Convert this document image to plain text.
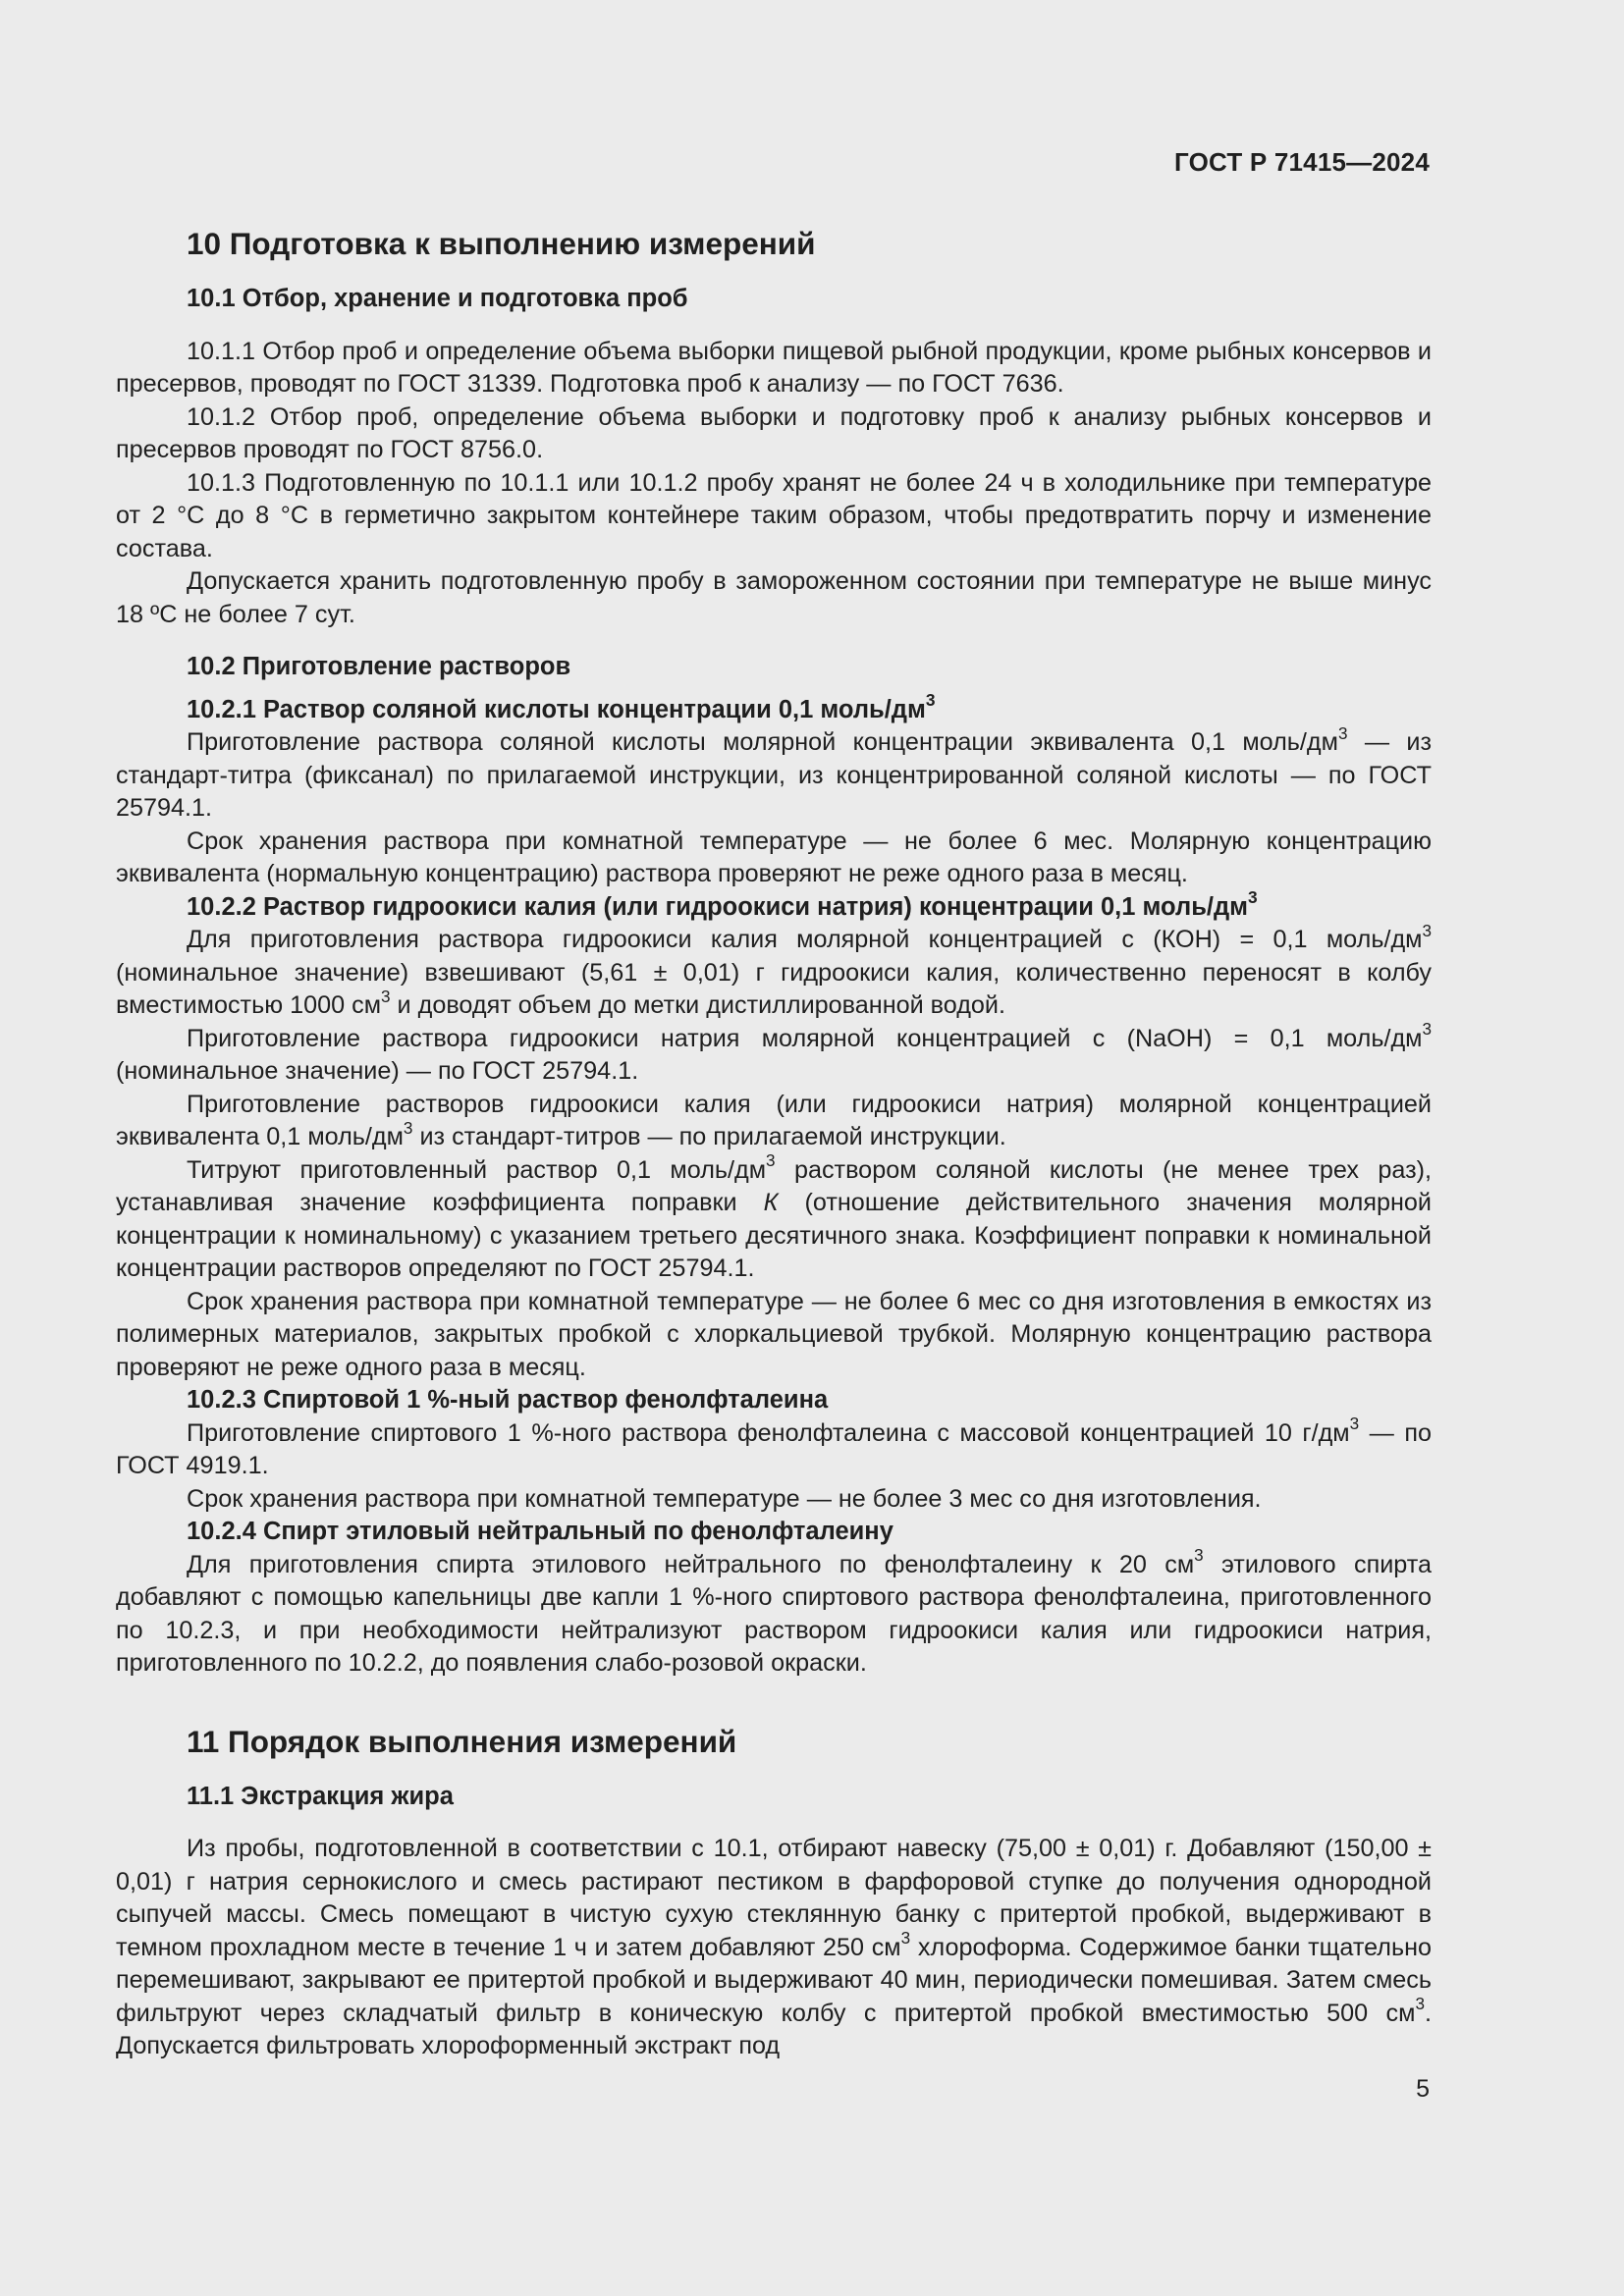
ГОСТ Р 71415—2024
10 Подготовка к выполнению измерений
10.1 Отбор, хранение и подготовка проб

10.1.1 Отбор проб и определение объема выборки пищевой рыбной продукции, кроме рыбных консервов и пресервов, проводят по ГОСТ 31339. Подготовка проб к анализу — по ГОСТ 7636.

10.1.2 Отбор проб, определение объема выборки и подготовку проб к анализу рыбных консервов и пресервов проводят по ГОСТ 8756.0.

10.1.3 Подготовленную по 10.1.1 или 10.1.2 пробу хранят не более 24 ч в холодильнике при температуре от 2 °С до 8 °С в герметично закрытом контейнере таким образом, чтобы предотвратить порчу и изменение состава.

Допускается хранить подготовленную пробу в замороженном состоянии при температуре не выше минус 18 ºС не более 7 сут.

10.2 Приготовление растворов
10.2.1 Раствор соляной кислоты концентрации 0,1 моль/$дм^3$

Приготовление раствора соляной кислоты молярной концентрации эквивалента 0,1 моль/$дм^3$ — из стандарт-титра (фиксанал) по прилагаемой инструкции, из концентрированной соляной кислоты — по ГОСТ 25794.1.

Срок хранения раствора при комнатной температуре — не более 6 мес. Молярную концентрацию эквивалента (нормальную концентрацию) раствора проверяют не реже одного раза в месяц.

10.2.2 Раствор гидроокиси калия (или гидроокиси натрия) концентрации 0,1 моль/$дм^3$

Для приготовления раствора гидроокиси калия молярной концентрацией с (КОН) = 0,1 моль/$дм^3$ (номинальное значение) взвешивают (5,61 ± 0,01) г гидроокиси калия, количественно переносят в колбу вместимостью 1000 $см^3$ и доводят объем до метки дистиллированной водой.

Приготовление раствора гидроокиси натрия молярной концентрацией с (NaOH) = 0,1 моль/$дм^3$ (номинальное значение) — по ГОСТ 25794.1.

Приготовление растворов гидроокиси калия (или гидроокиси натрия) молярной концентрацией эквивалента 0,1 моль/$дм^3$ из стандарт-титров — по прилагаемой инструкции.

Титруют приготовленный раствор 0,1 моль/$дм^3$ раствором соляной кислоты (не менее трех раз), устанавливая значение коэффициента поправки К (отношение действительного значения молярной концентрации к номинальному) с указанием третьего десятичного знака. Коэффициент поправки к номинальной концентрации растворов определяют по ГОСТ 25794.1.

Срок хранения раствора при комнатной температуре — не более 6 мес со дня изготовления в емкостях из полимерных материалов, закрытых пробкой с хлоркальциевой трубкой. Молярную концентрацию раствора проверяют не реже одного раза в месяц.

10.2.3 Спиртовой 1 %-ный раствор фенолфталеина

Приготовление спиртового 1 %-ного раствора фенолфталеина с массовой концентрацией 10 $г/дм^3$ — по ГОСТ 4919.1.

Срок хранения раствора при комнатной температуре — не более 3 мес со дня изготовления.

10.2.4 Спирт этиловый нейтральный по фенолфталеину

Для приготовления спирта этилового нейтрального по фенолфталеину к 20 $см^3$ этилового спирта добавляют с помощью капельницы две капли 1 %-ного спиртового раствора фенолфталеина, приготовленного по 10.2.3, и при необходимости нейтрализуют раствором гидроокиси калия или гидроокиси натрия, приготовленного по 10.2.2, до появления слабо-розовой окраски.

11 Порядок выполнения измерений
11.1 Экстракция жира

Из пробы, подготовленной в соответствии с 10.1, отбирают навеску (75,00 ± 0,01) г. Добавляют (150,00 ± 0,01) г натрия сернокислого и смесь растирают пестиком в фарфоровой ступке до получения однородной сыпучей массы. Смесь помещают в чистую сухую стеклянную банку с притертой пробкой, выдерживают в темном прохладном месте в течение 1 ч и затем добавляют 250 $см^3$ хлороформа. Содержимое банки тщательно перемешивают, закрывают ее притертой пробкой и выдерживают 40 мин, периодически помешивая. Затем смесь фильтруют через складчатый фильтр в коническую колбу с притертой пробкой вместимостью 500 $см^3$. Допускается фильтровать хлороформенный экстракт под

5
